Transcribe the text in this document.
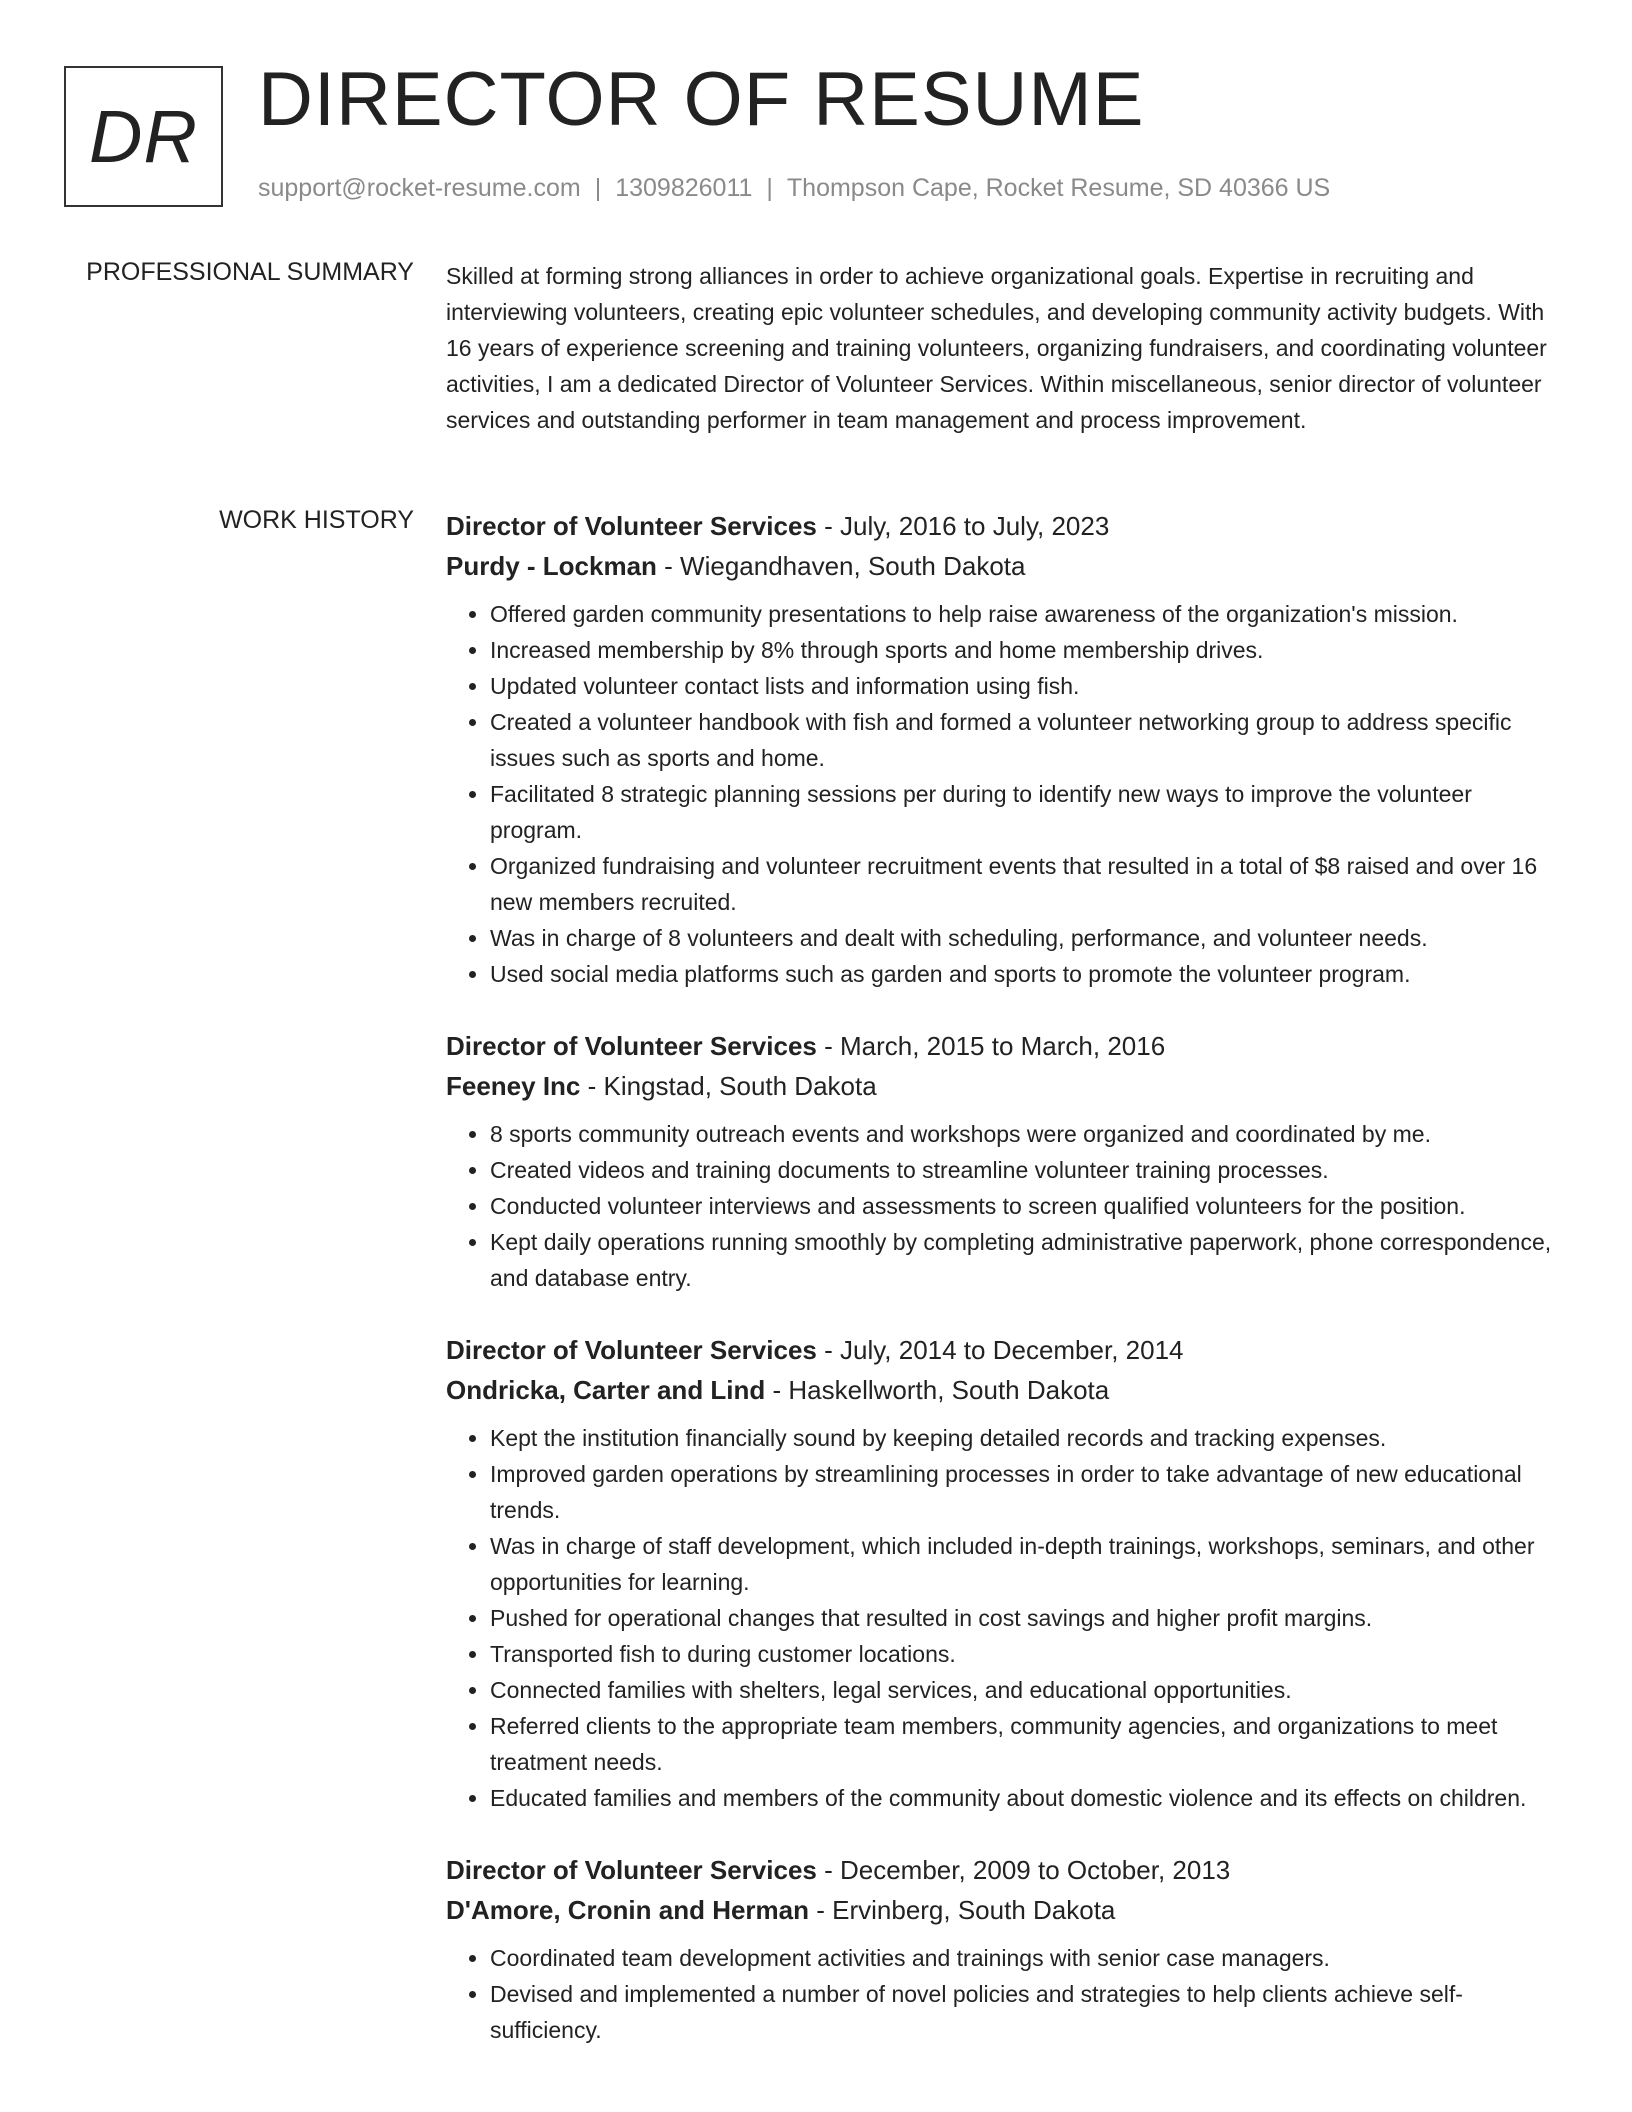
DR DIRECTOR OF RESUME
support@rocket-resume.com | 1309826011 | Thompson Cape, Rocket Resume, SD 40366 US
PROFESSIONAL SUMMARY Skilled at forming strong alliances in order to achieve organizational goals. Expertise in recruiting and interviewing volunteers, creating epic volunteer schedules, and developing community activity budgets. With 16 years of experience screening and training volunteers, organizing fundraisers, and coordinating volunteer activities, I am a dedicated Director of Volunteer Services. Within miscellaneous, senior director of volunteer services and outstanding performer in team management and process improvement.

WORK HISTORY Director of Volunteer Services - July, 2016 to July, 2023
Purdy - Lockman - Wiegandhaven, South Dakota
• Offered garden community presentations to help raise awareness of the organization's mission.
• Increased membership by 8% through sports and home membership drives.
• Updated volunteer contact lists and information using fish.
• Created a volunteer handbook with fish and formed a volunteer networking group to address specific issues such as sports and home.
• Facilitated 8 strategic planning sessions per during to identify new ways to improve the volunteer program.
• Organized fundraising and volunteer recruitment events that resulted in a total of $8 raised and over 16 new members recruited.
• Was in charge of 8 volunteers and dealt with scheduling, performance, and volunteer needs.
• Used social media platforms such as garden and sports to promote the volunteer program.
Director of Volunteer Services - March, 2015 to March, 2016
Feeney Inc - Kingstad, South Dakota
• 8 sports community outreach events and workshops were organized and coordinated by me.
• Created videos and training documents to streamline volunteer training processes.
• Conducted volunteer interviews and assessments to screen qualified volunteers for the position.
• Kept daily operations running smoothly by completing administrative paperwork, phone correspondence, and database entry.
Director of Volunteer Services - July, 2014 to December, 2014
Ondricka, Carter and Lind - Haskellworth, South Dakota
• Kept the institution financially sound by keeping detailed records and tracking expenses.
• Improved garden operations by streamlining processes in order to take advantage of new educational trends.
• Was in charge of staff development, which included in-depth trainings, workshops, seminars, and other opportunities for learning.
• Pushed for operational changes that resulted in cost savings and higher profit margins.
• Transported fish to during customer locations.
• Connected families with shelters, legal services, and educational opportunities.
• Referred clients to the appropriate team members, community agencies, and organizations to meet treatment needs.
• Educated families and members of the community about domestic violence and its effects on children.
Director of Volunteer Services - December, 2009 to October, 2013
D'Amore, Cronin and Herman - Ervinberg, South Dakota
• Coordinated team development activities and trainings with senior case managers.
• Devised and implemented a number of novel policies and strategies to help clients achieve self-sufficiency.
